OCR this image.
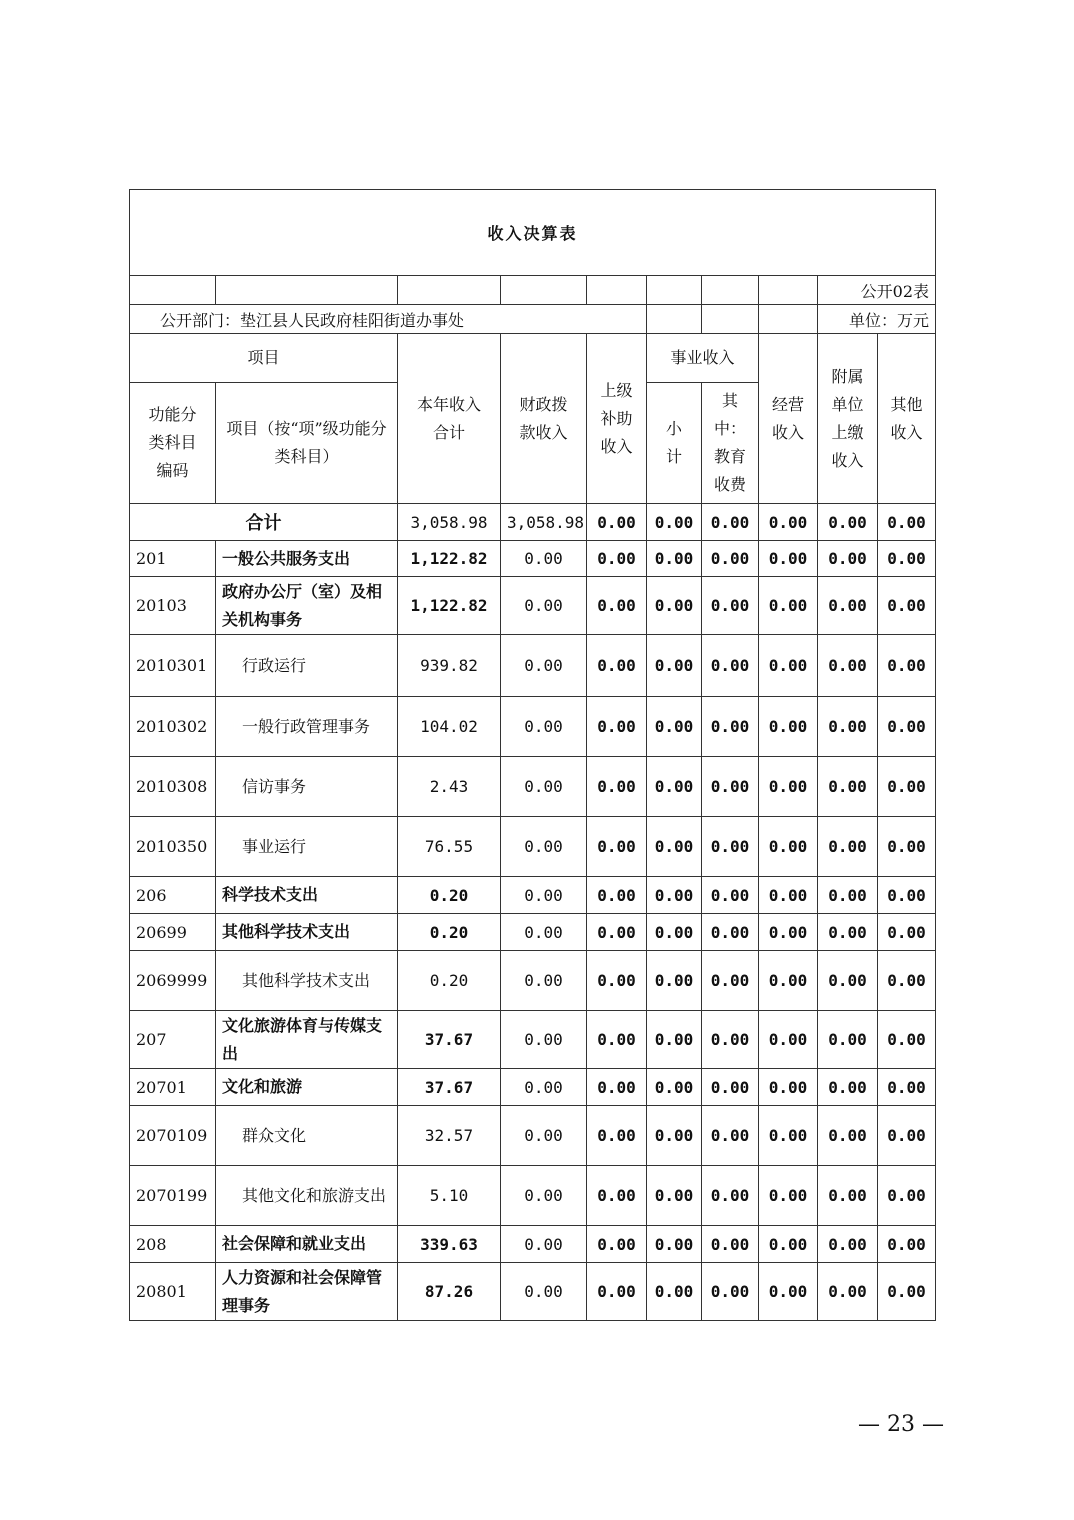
收入决算表									
								公开02表	
公开部门：垫江县人民政府桂阳街道办事处								单位：万元	
项目		本年收入合计	财政拨款收入	上级补助收入	事业收入		经营收入	附属单位上缴收入	其他收入
功能分类科目编码	项目（按“项”级功能分类科目）				小计	其中：教育收费			
合计		3,058.98	3,058.98	0.00	0.00	0.00	0.00	0.00	0.00
201	一般公共服务支出	1,122.82	0.00	0.00	0.00	0.00	0.00	0.00	0.00
20103	政府办公厅（室）及相关机构事务	1,122.82	0.00	0.00	0.00	0.00	0.00	0.00	0.00
2010301	行政运行	939.82	0.00	0.00	0.00	0.00	0.00	0.00	0.00
2010302	一般行政管理事务	104.02	0.00	0.00	0.00	0.00	0.00	0.00	0.00
2010308	信访事务	2.43	0.00	0.00	0.00	0.00	0.00	0.00	0.00
2010350	事业运行	76.55	0.00	0.00	0.00	0.00	0.00	0.00	0.00
206	科学技术支出	0.20	0.00	0.00	0.00	0.00	0.00	0.00	0.00
20699	其他科学技术支出	0.20	0.00	0.00	0.00	0.00	0.00	0.00	0.00
2069999	其他科学技术支出	0.20	0.00	0.00	0.00	0.00	0.00	0.00	0.00
207	文化旅游体育与传媒支出	37.67	0.00	0.00	0.00	0.00	0.00	0.00	0.00
20701	文化和旅游	37.67	0.00	0.00	0.00	0.00	0.00	0.00	0.00
2070109	群众文化	32.57	0.00	0.00	0.00	0.00	0.00	0.00	0.00
2070199	其他文化和旅游支出	5.10	0.00	0.00	0.00	0.00	0.00	0.00	0.00
208	社会保障和就业支出	339.63	0.00	0.00	0.00	0.00	0.00	0.00	0.00
20801	人力资源和社会保障管理事务	87.26	0.00	0.00	0.00	0.00	0.00	0.00	0.00
— 23 —
